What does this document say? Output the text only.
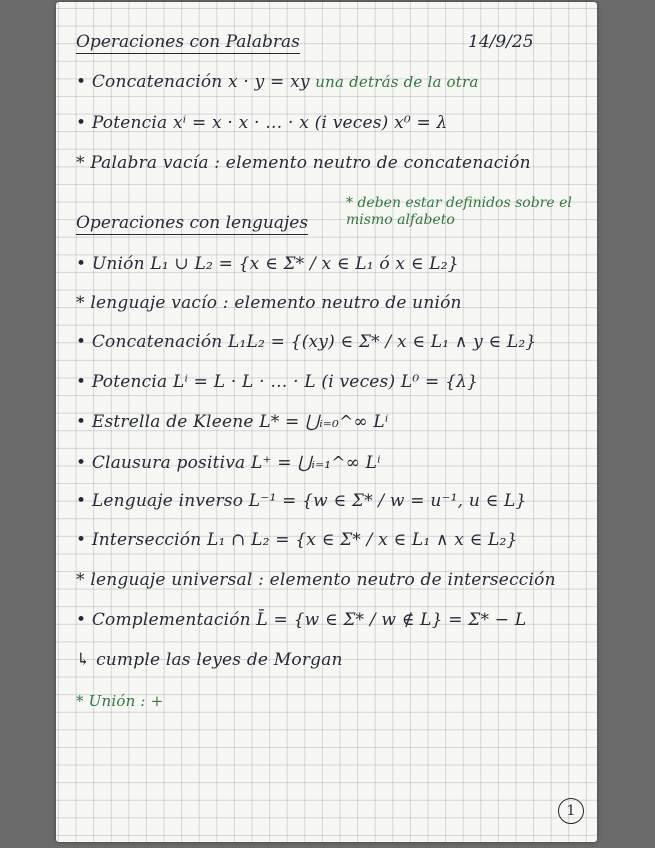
Operaciones con Palabras	14/9/25
• Concatenación x · y = xy una detrás de la otra
• Potencia xⁱ = x · x · … · x (i veces) x⁰ = λ
* Palabra vacía : elemento neutro de concatenación
Operaciones con lenguajes
* deben estar definidos sobre el mismo alfabeto
• Unión L₁ ∪ L₂ = {x ∈ Σ* / x ∈ L₁ ó x ∈ L₂}
* lenguaje vacío : elemento neutro de unión
• Concatenación L₁L₂ = {(xy) ∈ Σ* / x ∈ L₁ ∧ y ∈ L₂}
• Potencia Lⁱ = L · L · … · L (i veces) L⁰ = {λ}
• Estrella de Kleene L* = ⋃ᵢ₌₀^∞ Lⁱ
• Clausura positiva L⁺ = ⋃ᵢ₌₁^∞ Lⁱ
• Lenguaje inverso L⁻¹ = {w ∈ Σ* / w = u⁻¹, u ∈ L}
• Intersección L₁ ∩ L₂ = {x ∈ Σ* / x ∈ L₁ ∧ x ∈ L₂}
* lenguaje universal : elemento neutro de intersección
• Complementación L̄ = {w ∈ Σ* / w ∉ L} = Σ* − L
↳ cumple las leyes de Morgan
* Unión : +
1
